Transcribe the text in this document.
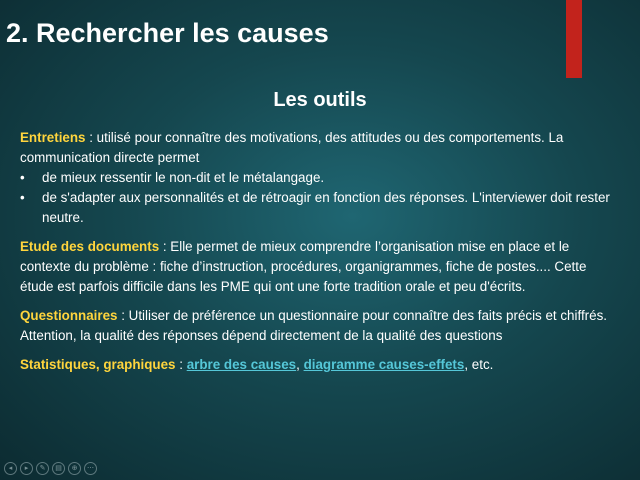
2. Rechercher les causes
Les outils
Entretiens : utilisé pour connaître des motivations, des attitudes ou des comportements. La communication directe permet
•	de mieux ressentir le non-dit et le métalangage.
•	de s'adapter aux personnalités et de rétroagir en fonction des réponses. L'interviewer doit rester neutre.
Etude des documents : Elle permet de mieux comprendre l’organisation mise en place et le contexte du problème : fiche d’instruction, procédures, organigrammes, fiche de postes.... Cette étude est parfois difficile dans les PME qui ont une forte tradition orale et peu d'écrits.
Questionnaires : Utiliser de préférence un questionnaire pour connaître des faits précis et chiffrés. Attention, la qualité des réponses dépend directement de la qualité des questions
Statistiques, graphiques : arbre des causes, diagramme causes-effets, etc.
◂	▸	✎	▤	⊕	⋯
